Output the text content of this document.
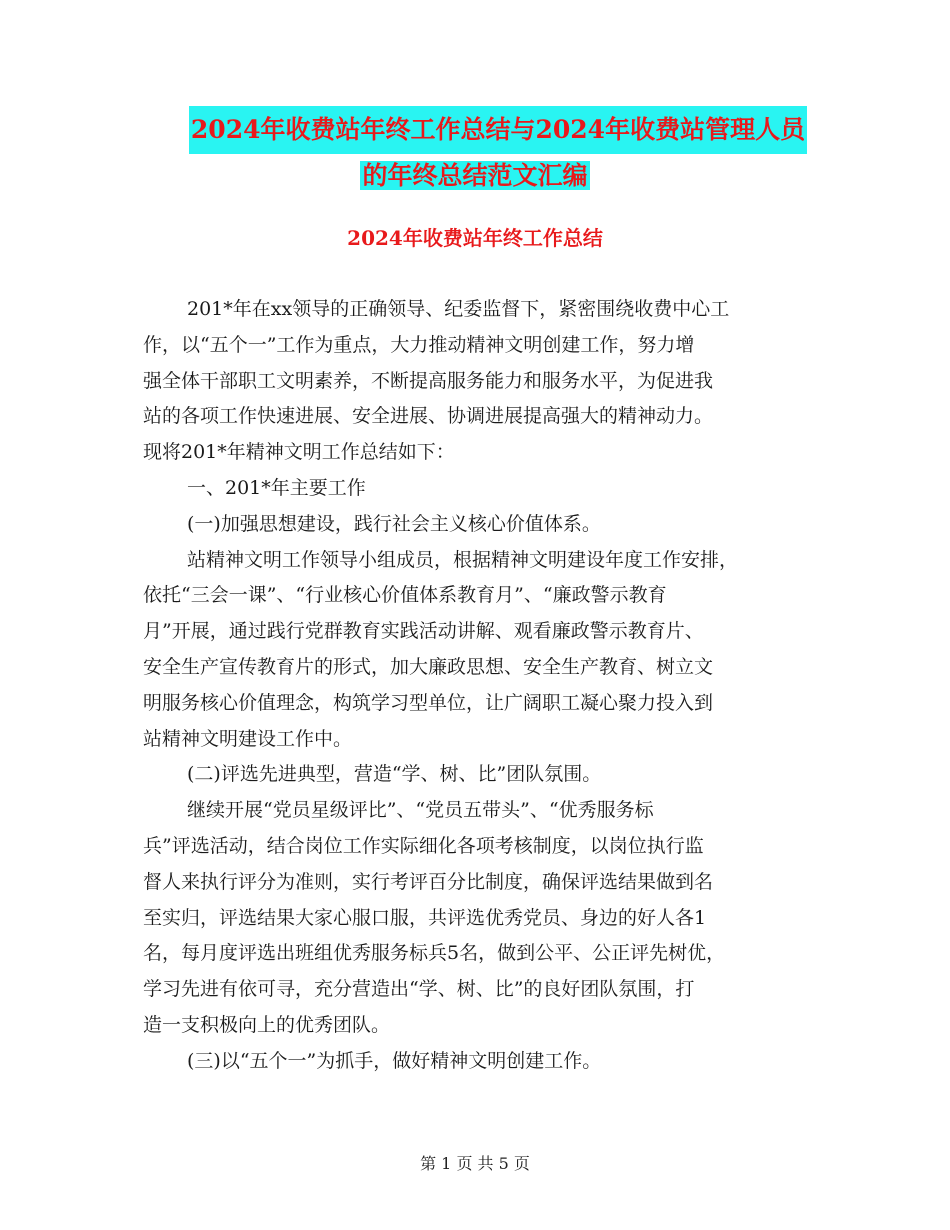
2024年收费站年终工作总结与2024年收费站管理人员
的年终总结范文汇编
2024年收费站年终工作总结
201*年在xx领导的正确领导、纪委监督下，紧密围绕收费中心工
作，以“五个一”工作为重点，大力推动精神文明创建工作，努力增
强全体干部职工文明素养，不断提高服务能力和服务水平，为促进我
站的各项工作快速进展、安全进展、协调进展提高强大的精神动力。
现将201*年精神文明工作总结如下：
一、201*年主要工作
(一)加强思想建设，践行社会主义核心价值体系。
站精神文明工作领导小组成员，根据精神文明建设年度工作安排，
依托“三会一课”、“行业核心价值体系教育月”、“廉政警示教育
月”开展，通过践行党群教育实践活动讲解、观看廉政警示教育片、
安全生产宣传教育片的形式，加大廉政思想、安全生产教育、树立文
明服务核心价值理念，构筑学习型单位，让广阔职工凝心聚力投入到
站精神文明建设工作中。
(二)评选先进典型，营造“学、树、比”团队氛围。
继续开展“党员星级评比”、“党员五带头”、“优秀服务标
兵”评选活动，结合岗位工作实际细化各项考核制度，以岗位执行监
督人来执行评分为准则，实行考评百分比制度，确保评选结果做到名
至实归，评选结果大家心服口服，共评选优秀党员、身边的好人各1
名，每月度评选出班组优秀服务标兵5名，做到公平、公正评先树优，
学习先进有依可寻，充分营造出“学、树、比”的良好团队氛围，打
造一支积极向上的优秀团队。
(三)以“五个一”为抓手，做好精神文明创建工作。
第 1 页 共 5 页
